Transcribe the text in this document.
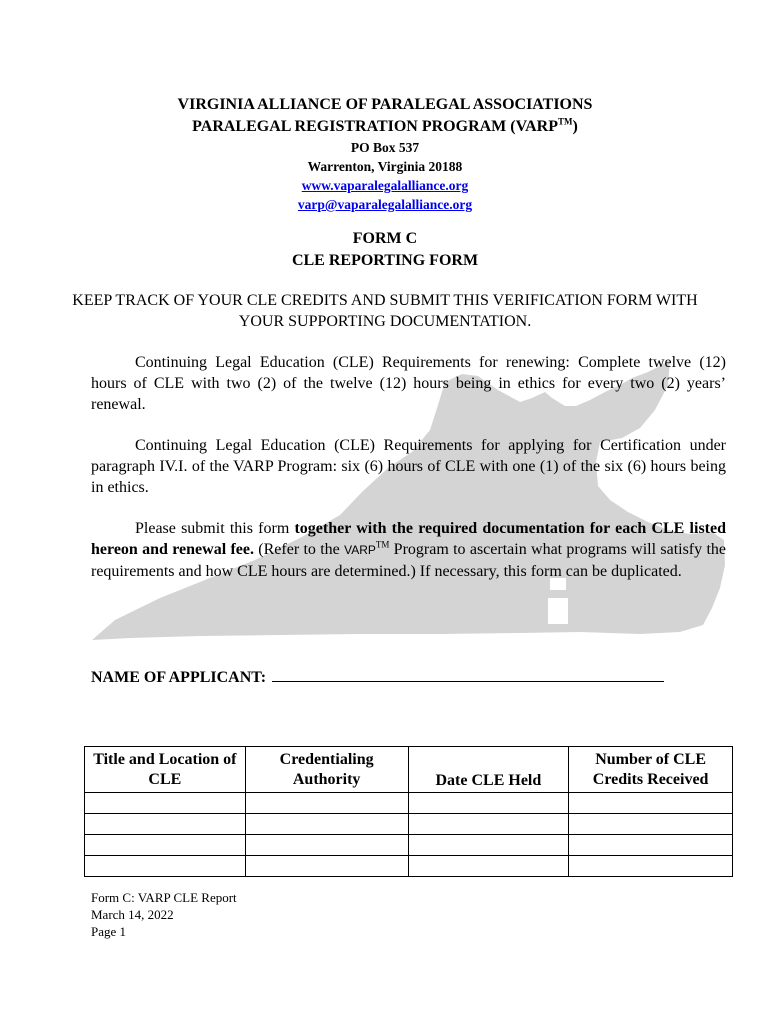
VIRGINIA ALLIANCE OF PARALEGAL ASSOCIATIONS
PARALEGAL REGISTRATION PROGRAM (VARP™)
PO Box 537
Warrenton, Virginia 20188
www.vaparalegalalliance.org
varp@vaparalegalalliance.org
FORM C
CLE REPORTING FORM
KEEP TRACK OF YOUR CLE CREDITS AND SUBMIT THIS VERIFICATION FORM WITH YOUR SUPPORTING DOCUMENTATION.

Continuing Legal Education (CLE) Requirements for renewing: Complete twelve (12) hours of CLE with two (2) of the twelve (12) hours being in ethics for every two (2) years’ renewal.

Continuing Legal Education (CLE) Requirements for applying for Certification under paragraph IV.I. of the VARP Program: six (6) hours of CLE with one (1) of the six (6) hours being in ethics.

Please submit this form together with the required documentation for each CLE listed hereon and renewal fee. (Refer to the VARP™ Program to ascertain what programs will satisfy the requirements and how CLE hours are determined.) If necessary, this form can be duplicated.

NAME OF APPLICANT:
Title and Location of CLE	Credentialing Authority	Date CLE Held	Number of CLE Credits Received

Form C: VARP CLE Report
March 14, 2022
Page 1
